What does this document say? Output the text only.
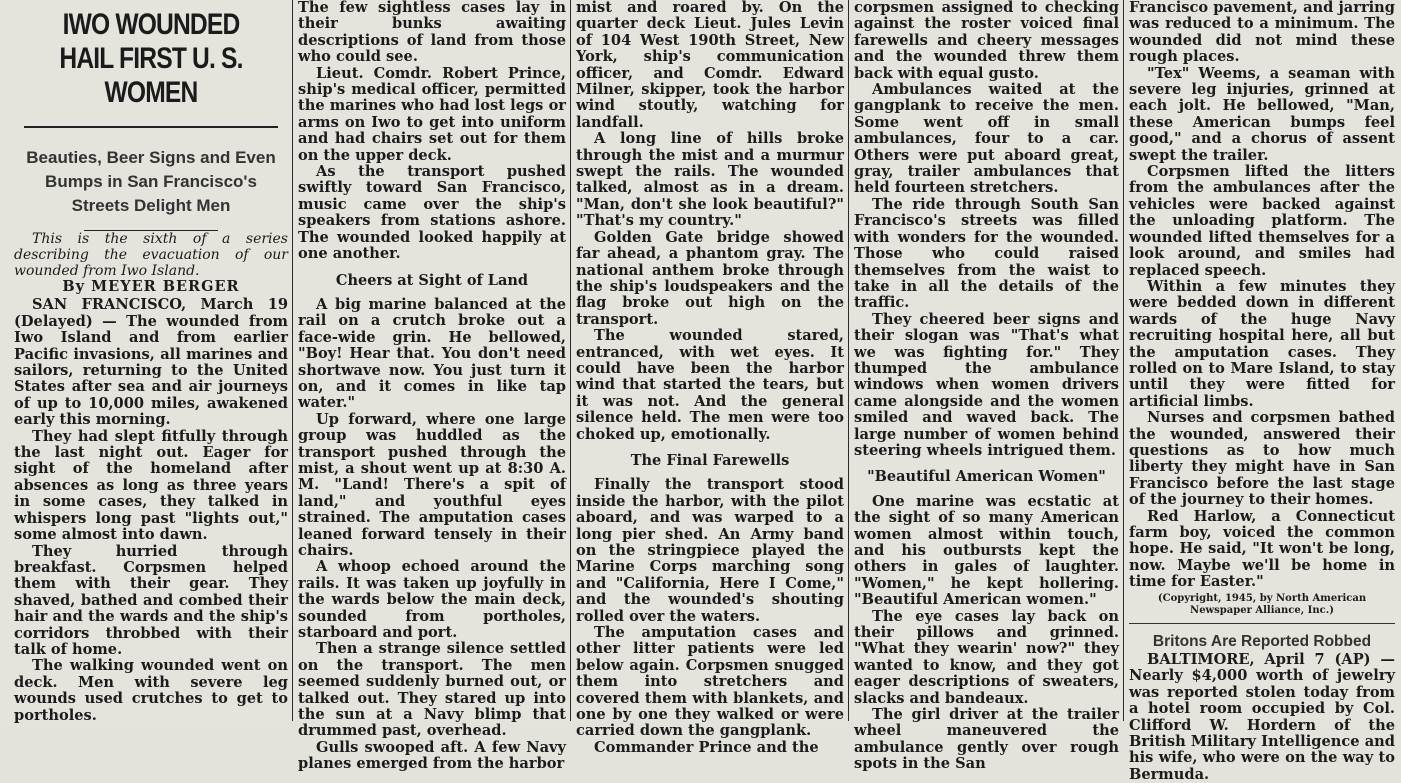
IWO WOUNDED HAIL FIRST U. S. WOMEN
Beauties, Beer Signs and Even Bumps in San Francisco's Streets Delight Men

This is the sixth of a series describing the evacuation of our wounded from Iwo Island.

By MEYER BERGER

SAN FRANCISCO, March 19 (Delayed) — The wounded from Iwo Island and from earlier Pacific invasions, all marines and sailors, returning to the United States after sea and air journeys of up to 10,000 miles, awakened early this morning.

They had slept fitfully through the last night out. Eager for sight of the homeland after absences as long as three years in some cases, they talked in whispers long past "lights out," some almost into dawn.

They hurried through breakfast. Corpsmen helped them with their gear. They shaved, bathed and combed their hair and the wards and the ship's corridors throbbed with their talk of home.

The walking wounded went on deck. Men with severe leg wounds used crutches to get to portholes.

The few sightless cases lay in their bunks awaiting descriptions of land from those who could see.

Lieut. Comdr. Robert Prince, ship's medical officer, permitted the marines who had lost legs or arms on Iwo to get into uniform and had chairs set out for them on the upper deck.

As the transport pushed swiftly toward San Francisco, music came over the ship's speakers from stations ashore. The wounded looked happily at one another.

Cheers at Sight of Land

A big marine balanced at the rail on a crutch broke out a face-wide grin. He bellowed, "Boy! Hear that. You don't need shortwave now. You just turn it on, and it comes in like tap water."

Up forward, where one large group was huddled as the transport pushed through the mist, a shout went up at 8:30 A. M. "Land! There's a spit of land," and youthful eyes strained. The amputation cases leaned forward tensely in their chairs.

A whoop echoed around the rails. It was taken up joyfully in the wards below the main deck, sounded from portholes, starboard and port.

Then a strange silence settled on the transport. The men seemed suddenly burned out, or talked out. They stared up into the sun at a Navy blimp that drummed past, overhead.

Gulls swooped aft. A few Navy planes emerged from the harbor

mist and roared by. On the quarter deck Lieut. Jules Levin of 104 West 190th Street, New York, ship's communication officer, and Comdr. Edward Milner, skipper, took the harbor wind stoutly, watching for landfall.

A long line of hills broke through the mist and a murmur swept the rails. The wounded talked, almost as in a dream. "Man, don't she look beautiful?" "That's my country."

Golden Gate bridge showed far ahead, a phantom gray. The national anthem broke through the ship's loudspeakers and the flag broke out high on the transport.

The wounded stared, entranced, with wet eyes. It could have been the harbor wind that started the tears, but it was not. And the general silence held. The men were too choked up, emotionally.

The Final Farewells

Finally the transport stood inside the harbor, with the pilot aboard, and was warped to a long pier shed. An Army band on the stringpiece played the Marine Corps marching song and "California, Here I Come," and the wounded's shouting rolled over the waters.

The amputation cases and other litter patients were led below again. Corpsmen snugged them into stretchers and covered them with blankets, and one by one they walked or were carried down the gangplank.

Commander Prince and the

corpsmen assigned to checking against the roster voiced final farewells and cheery messages and the wounded threw them back with equal gusto.

Ambulances waited at the gangplank to receive the men. Some went off in small ambulances, four to a car. Others were put aboard great, gray, trailer ambulances that held fourteen stretchers.

The ride through South San Francisco's streets was filled with wonders for the wounded. Those who could raised themselves from the waist to take in all the details of the traffic.

They cheered beer signs and their slogan was "That's what we was fighting for." They thumped the ambulance windows when women drivers came alongside and the women smiled and waved back. The large number of women behind steering wheels intrigued them.

"Beautiful American Women"

One marine was ecstatic at the sight of so many American women almost within touch, and his outbursts kept the others in gales of laughter. "Women," he kept hollering. "Beautiful American women."

The eye cases lay back on their pillows and grinned. "What they wearin' now?" they wanted to know, and they got eager descriptions of sweaters, slacks and bandeaux.

The girl driver at the trailer wheel maneuvered the ambulance gently over rough spots in the San

Francisco pavement, and jarring was reduced to a minimum. The wounded did not mind these rough places.

"Tex" Weems, a seaman with severe leg injuries, grinned at each jolt. He bellowed, "Man, these American bumps feel good," and a chorus of assent swept the trailer.

Corpsmen lifted the litters from the ambulances after the vehicles were backed against the unloading platform. The wounded lifted themselves for a look around, and smiles had replaced speech.

Within a few minutes they were bedded down in different wards of the huge Navy recruiting hospital here, all but the amputation cases. They rolled on to Mare Island, to stay until they were fitted for artificial limbs.

Nurses and corpsmen bathed the wounded, answered their questions as to how much liberty they might have in San Francisco before the last stage of the journey to their homes.

Red Harlow, a Connecticut farm boy, voiced the common hope. He said, "It won't be long, now. Maybe we'll be home in time for Easter."

(Copyright, 1945, by North American Newspaper Alliance, Inc.)
Britons Are Reported Robbed

BALTIMORE, April 7 (AP) — Nearly $4,000 worth of jewelry was reported stolen today from a hotel room occupied by Col. Clifford W. Hordern of the British Military Intelligence and his wife, who were on the way to Bermuda.
